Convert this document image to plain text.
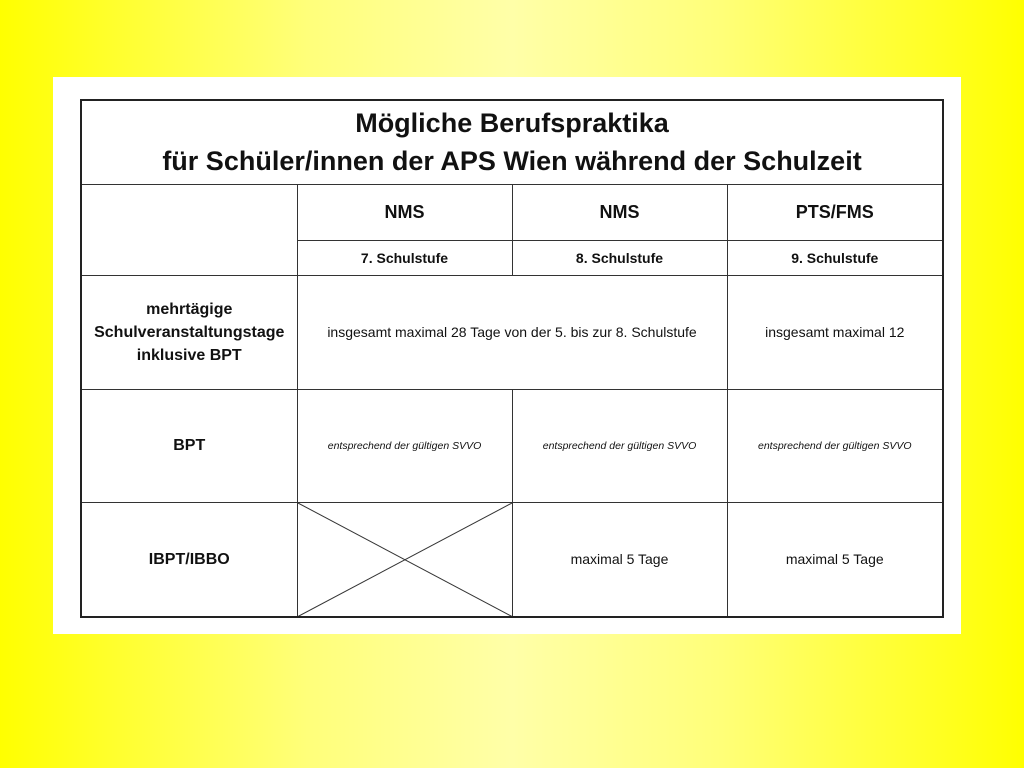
Mögliche Berufspraktika
für Schüler/innen der APS Wien während der Schulzeit			

	NMS	NMS	PTS/FMS
	7. Schulstufe	8. Schulstufe	9. Schulstufe

mehrtägige
Schulveranstaltungstage
inklusive BPT	insgesamt maximal 28 Tage von der 5. bis zur 8. Schulstufe		insgesamt maximal 12
BPT	entsprechend der gültigen SVVO	entsprechend der gültigen SVVO	entsprechend der gültigen SVVO
IBPT/IBBO		maximal 5 Tage	maximal 5 Tage
